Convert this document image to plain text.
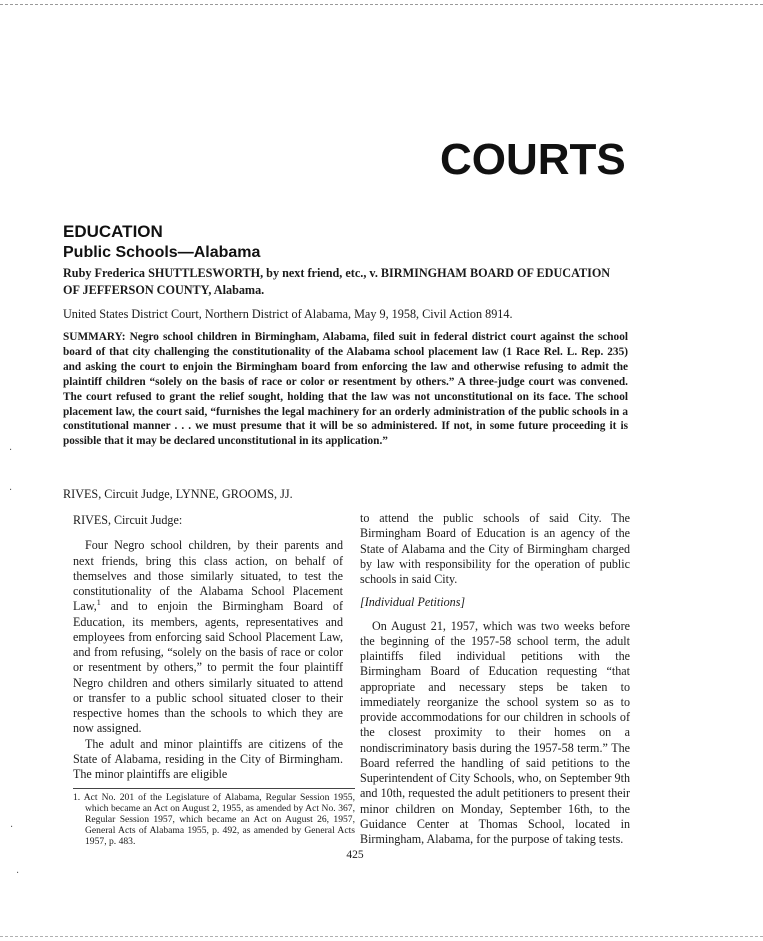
COURTS
EDUCATION
Public Schools—Alabama

Ruby Frederica SHUTTLESWORTH, by next friend, etc., v. BIRMINGHAM BOARD OF EDUCATION OF JEFFERSON COUNTY, Alabama.

United States District Court, Northern District of Alabama, May 9, 1958, Civil Action 8914.

SUMMARY: Negro school children in Birmingham, Alabama, filed suit in federal district court against the school board of that city challenging the constitutionality of the Alabama school placement law (1 Race Rel. L. Rep. 235) and asking the court to enjoin the Birmingham board from enforcing the law and otherwise refusing to admit the plaintiff children “solely on the basis of race or color or resentment by others.” A three-judge court was convened. The court refused to grant the relief sought, holding that the law was not unconstitutional on its face. The school placement law, the court said, “furnishes the legal machinery for an orderly administration of the public schools in a constitutional manner . . . we must presume that it will be so administered. If not, in some future proceeding it is possible that it may be declared unconstitutional in its application.”

RIVES, Circuit Judge, LYNNE, GROOMS, JJ.

RIVES, Circuit Judge:

Four Negro school children, by their parents and next friends, bring this class action, on behalf of themselves and those similarly situated, to test the constitutionality of the Alabama School Placement Law,$^1$ and to enjoin the Birmingham Board of Education, its members, agents, representatives and employees from enforcing said School Placement Law, and from refusing, “solely on the basis of race or color or resentment by others,” to permit the four plaintiff Negro children and others similarly situated to attend or transfer to a public school situated closer to their respective homes than the schools to which they are now assigned.

The adult and minor plaintiffs are citizens of the State of Alabama, residing in the City of Birmingham. The minor plaintiffs are eligible

1. Act No. 201 of the Legislature of Alabama, Regular Session 1955, which became an Act on August 2, 1955, as amended by Act No. 367, Regular Session 1957, which became an Act on August 26, 1957, General Acts of Alabama 1955, p. 492, as amended by General Acts 1957, p. 483.

to attend the public schools of said City. The Birmingham Board of Education is an agency of the State of Alabama and the City of Birmingham charged by law with responsibility for the operation of public schools in said City.

[Individual Petitions]

On August 21, 1957, which was two weeks before the beginning of the 1957-58 school term, the adult plaintiffs filed individual petitions with the Birmingham Board of Education requesting “that appropriate and necessary steps be taken to immediately reorganize the school system so as to provide accommodations for our children in schools of the closest proximity to their homes on a nondiscriminatory basis during the 1957-58 term.” The Board referred the handling of said petitions to the Superintendent of City Schools, who, on September 9th and 10th, requested the adult petitioners to present their minor children on Monday, September 16th, to the Guidance Center at Thomas School, located in Birmingham, Alabama, for the purpose of taking tests.

425

·
·
·
·
